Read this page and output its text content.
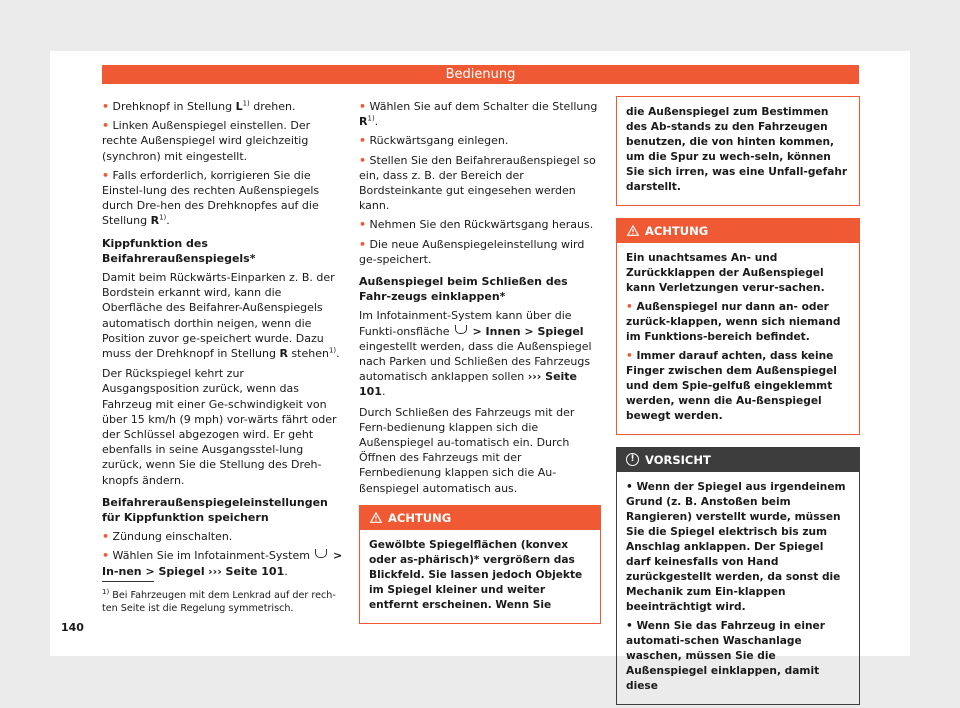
Bedienung

• Drehknopf in Stellung $L^{1)}$ drehen.

• Linken Außenspiegel einstellen. Der rechte Außenspiegel wird gleichzeitig (synchron) mit eingestellt.

• Falls erforderlich, korrigieren Sie die Einstel-lung des rechten Außenspiegels durch Dre-hen des Drehknopfes auf die Stellung $R^{1)}$.

Kippfunktion des Beifahreraußenspiegels*

Damit beim Rückwärts-Einparken z. B. der Bordstein erkannt wird, kann die Oberfläche des Beifahrer-Außenspiegels automatisch dorthin neigen, wenn die Position zuvor ge-speichert wurde. Dazu muss der Drehknopf in Stellung R stehen$^{1)}$.

Der Rückspiegel kehrt zur Ausgangsposition zurück, wenn das Fahrzeug mit einer Ge-schwindigkeit von über 15 km/h (9 mph) vor-wärts fährt oder der Schlüssel abgezogen wird. Er geht ebenfalls in seine Ausgangsstel-lung zurück, wenn Sie die Stellung des Dreh-knopfs ändern.

Beifahreraußenspiegeleinstellungen für Kippfunktion speichern

• Zündung einschalten.

• Wählen Sie im Infotainment-System  > In-nen > Spiegel ››› Seite 101.

• Wählen Sie auf dem Schalter die Stellung $R^{1)}$.

• Rückwärtsgang einlegen.

• Stellen Sie den Beifahreraußenspiegel so ein, dass z. B. der Bereich der Bordsteinkante gut eingesehen werden kann.

• Nehmen Sie den Rückwärtsgang heraus.

• Die neue Außenspiegeleinstellung wird ge-speichert.

Außenspiegel beim Schließen des Fahr-zeugs einklappen*

Im Infotainment-System kann über die Funkti-onsfläche  > Innen > Spiegel eingestellt werden, dass die Außenspiegel nach Parken und Schließen des Fahrzeugs automatisch anklappen sollen ››› Seite 101.

Durch Schließen des Fahrzeugs mit der Fern-bedienung klappen sich die Außenspiegel au-tomatisch ein. Durch Öffnen des Fahrzeugs mit der Fernbedienung klappen sich die Au-ßenspiegel automatisch aus.

ACHTUNG

Gewölbte Spiegelflächen (konvex oder as-phärisch)* vergrößern das Blickfeld. Sie lassen jedoch Objekte im Spiegel kleiner und weiter entfernt erscheinen. Wenn Sie

die Außenspiegel zum Bestimmen des Ab-stands zu den Fahrzeugen benutzen, die von hinten kommen, um die Spur zu wech-seln, können Sie sich irren, was eine Unfall-gefahr darstellt.

ACHTUNG

Ein unachtsames An- und Zurückklappen der Außenspiegel kann Verletzungen verur-sachen.

• Außenspiegel nur dann an- oder zurück-klappen, wenn sich niemand im Funktions-bereich befindet.

• Immer darauf achten, dass keine Finger zwischen dem Außenspiegel und dem Spie-gelfuß eingeklemmt werden, wenn die Au-ßenspiegel bewegt werden.

! VORSICHT

• Wenn der Spiegel aus irgendeinem Grund (z. B. Anstoßen beim Rangieren) verstellt wurde, müssen Sie die Spiegel elektrisch bis zum Anschlag anklappen. Der Spiegel darf keinesfalls von Hand zurückgestellt werden, da sonst die Mechanik zum Ein-klappen beeinträchtigt wird.

• Wenn Sie das Fahrzeug in einer automati-schen Waschanlage waschen, müssen Sie die Außenspiegel einklappen, damit diese

$^{1)}$ Bei Fahrzeugen mit dem Lenkrad auf der rech-ten Seite ist die Regelung symmetrisch.
140
